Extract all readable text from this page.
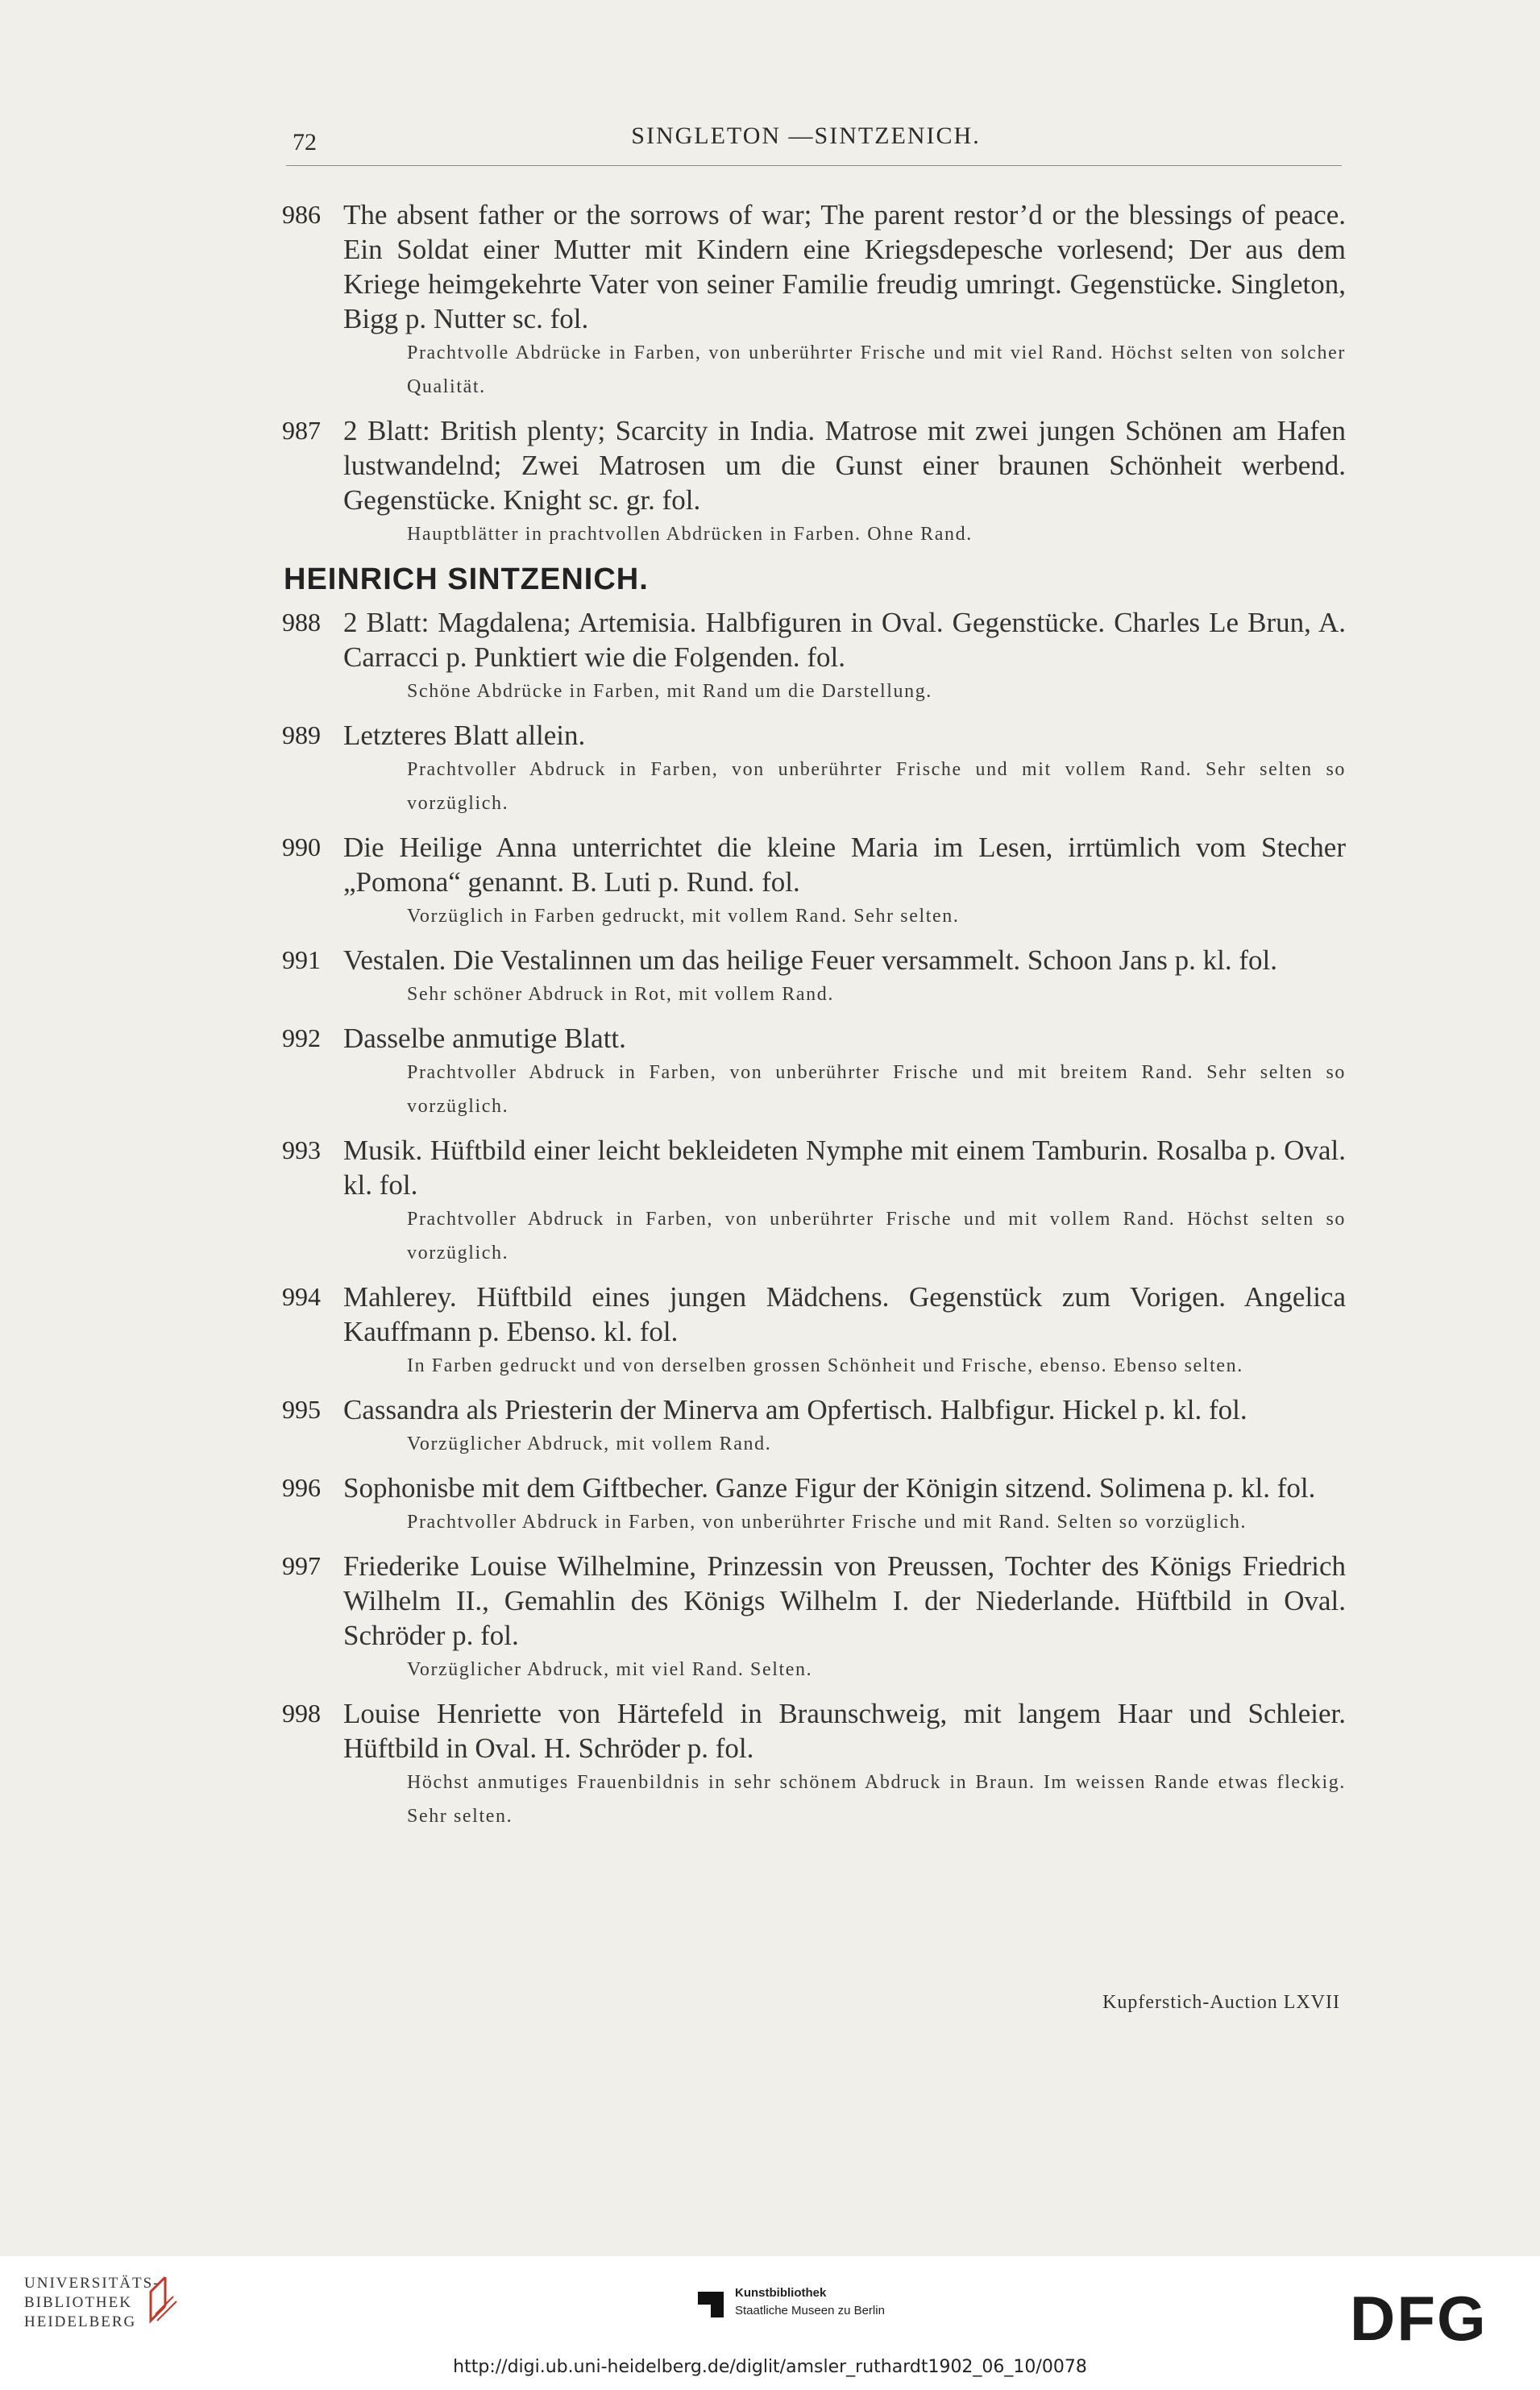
72	SINGLETON —SINTZENICH.
986 The absent father or the sorrows of war; The parent restor’d or the blessings of peace. Ein Soldat einer Mutter mit Kindern eine Kriegsdepesche vorlesend; Der aus dem Kriege heimgekehrte Vater von seiner Familie freudig umringt. Gegenstücke. Singleton, Bigg p. Nutter sc. fol.
Prachtvolle Abdrücke in Farben, von unberührter Frische und mit viel Rand. Höchst selten von solcher Qualität.
987 2 Blatt: British plenty; Scarcity in India. Matrose mit zwei jungen Schönen am Hafen lustwandelnd; Zwei Matrosen um die Gunst einer braunen Schönheit werbend. Gegenstücke. Knight sc. gr. fol.
Hauptblätter in prachtvollen Abdrücken in Farben. Ohne Rand.
HEINRICH SINTZENICH.
988 2 Blatt: Magdalena; Artemisia. Halbfiguren in Oval. Gegenstücke. Charles Le Brun, A. Carracci p. Punktiert wie die Folgenden. fol.
Schöne Abdrücke in Farben, mit Rand um die Darstellung.
989 Letzteres Blatt allein.
Prachtvoller Abdruck in Farben, von unberührter Frische und mit vollem Rand. Sehr selten so vorzüglich.
990 Die Heilige Anna unterrichtet die kleine Maria im Lesen, irrtümlich vom Stecher „Pomona“ genannt. B. Luti p. Rund. fol.
Vorzüglich in Farben gedruckt, mit vollem Rand. Sehr selten.
991 Vestalen. Die Vestalinnen um das heilige Feuer versammelt. Schoon Jans p. kl. fol.
Sehr schöner Abdruck in Rot, mit vollem Rand.
992 Dasselbe anmutige Blatt.
Prachtvoller Abdruck in Farben, von unberührter Frische und mit breitem Rand. Sehr selten so vorzüglich.
993 Musik. Hüftbild einer leicht bekleideten Nymphe mit einem Tamburin. Rosalba p. Oval. kl. fol.
Prachtvoller Abdruck in Farben, von unberührter Frische und mit vollem Rand. Höchst selten so vorzüglich.
994 Mahlerey. Hüftbild eines jungen Mädchens. Gegenstück zum Vorigen. Angelica Kauffmann p. Ebenso. kl. fol.
In Farben gedruckt und von derselben grossen Schönheit und Frische, ebenso. Ebenso selten.
995 Cassandra als Priesterin der Minerva am Opfertisch. Halbfigur. Hickel p. kl. fol.
Vorzüglicher Abdruck, mit vollem Rand.
996 Sophonisbe mit dem Giftbecher. Ganze Figur der Königin sitzend. Solimena p. kl. fol.
Prachtvoller Abdruck in Farben, von unberührter Frische und mit Rand. Selten so vorzüglich.
997 Friederike Louise Wilhelmine, Prinzessin von Preussen, Tochter des Königs Friedrich Wilhelm II., Gemahlin des Königs Wilhelm I. der Niederlande. Hüftbild in Oval. Schröder p. fol.
Vorzüglicher Abdruck, mit viel Rand. Selten.
998 Louise Henriette von Härtefeld in Braunschweig, mit langem Haar und Schleier. Hüftbild in Oval. H. Schröder p. fol.
Höchst anmutiges Frauenbildnis in sehr schönem Abdruck in Braun. Im weissen Rande etwas fleckig. Sehr selten.
Kupferstich-Auction LXVII
UNIVERSITÄTS-
BIBLIOTHEK
HEIDELBERG
Kunstbibliothek
Staatliche Museen zu Berlin	DFG
http://digi.ub.uni-heidelberg.de/diglit/amsler_ruthardt1902_06_10/0078
